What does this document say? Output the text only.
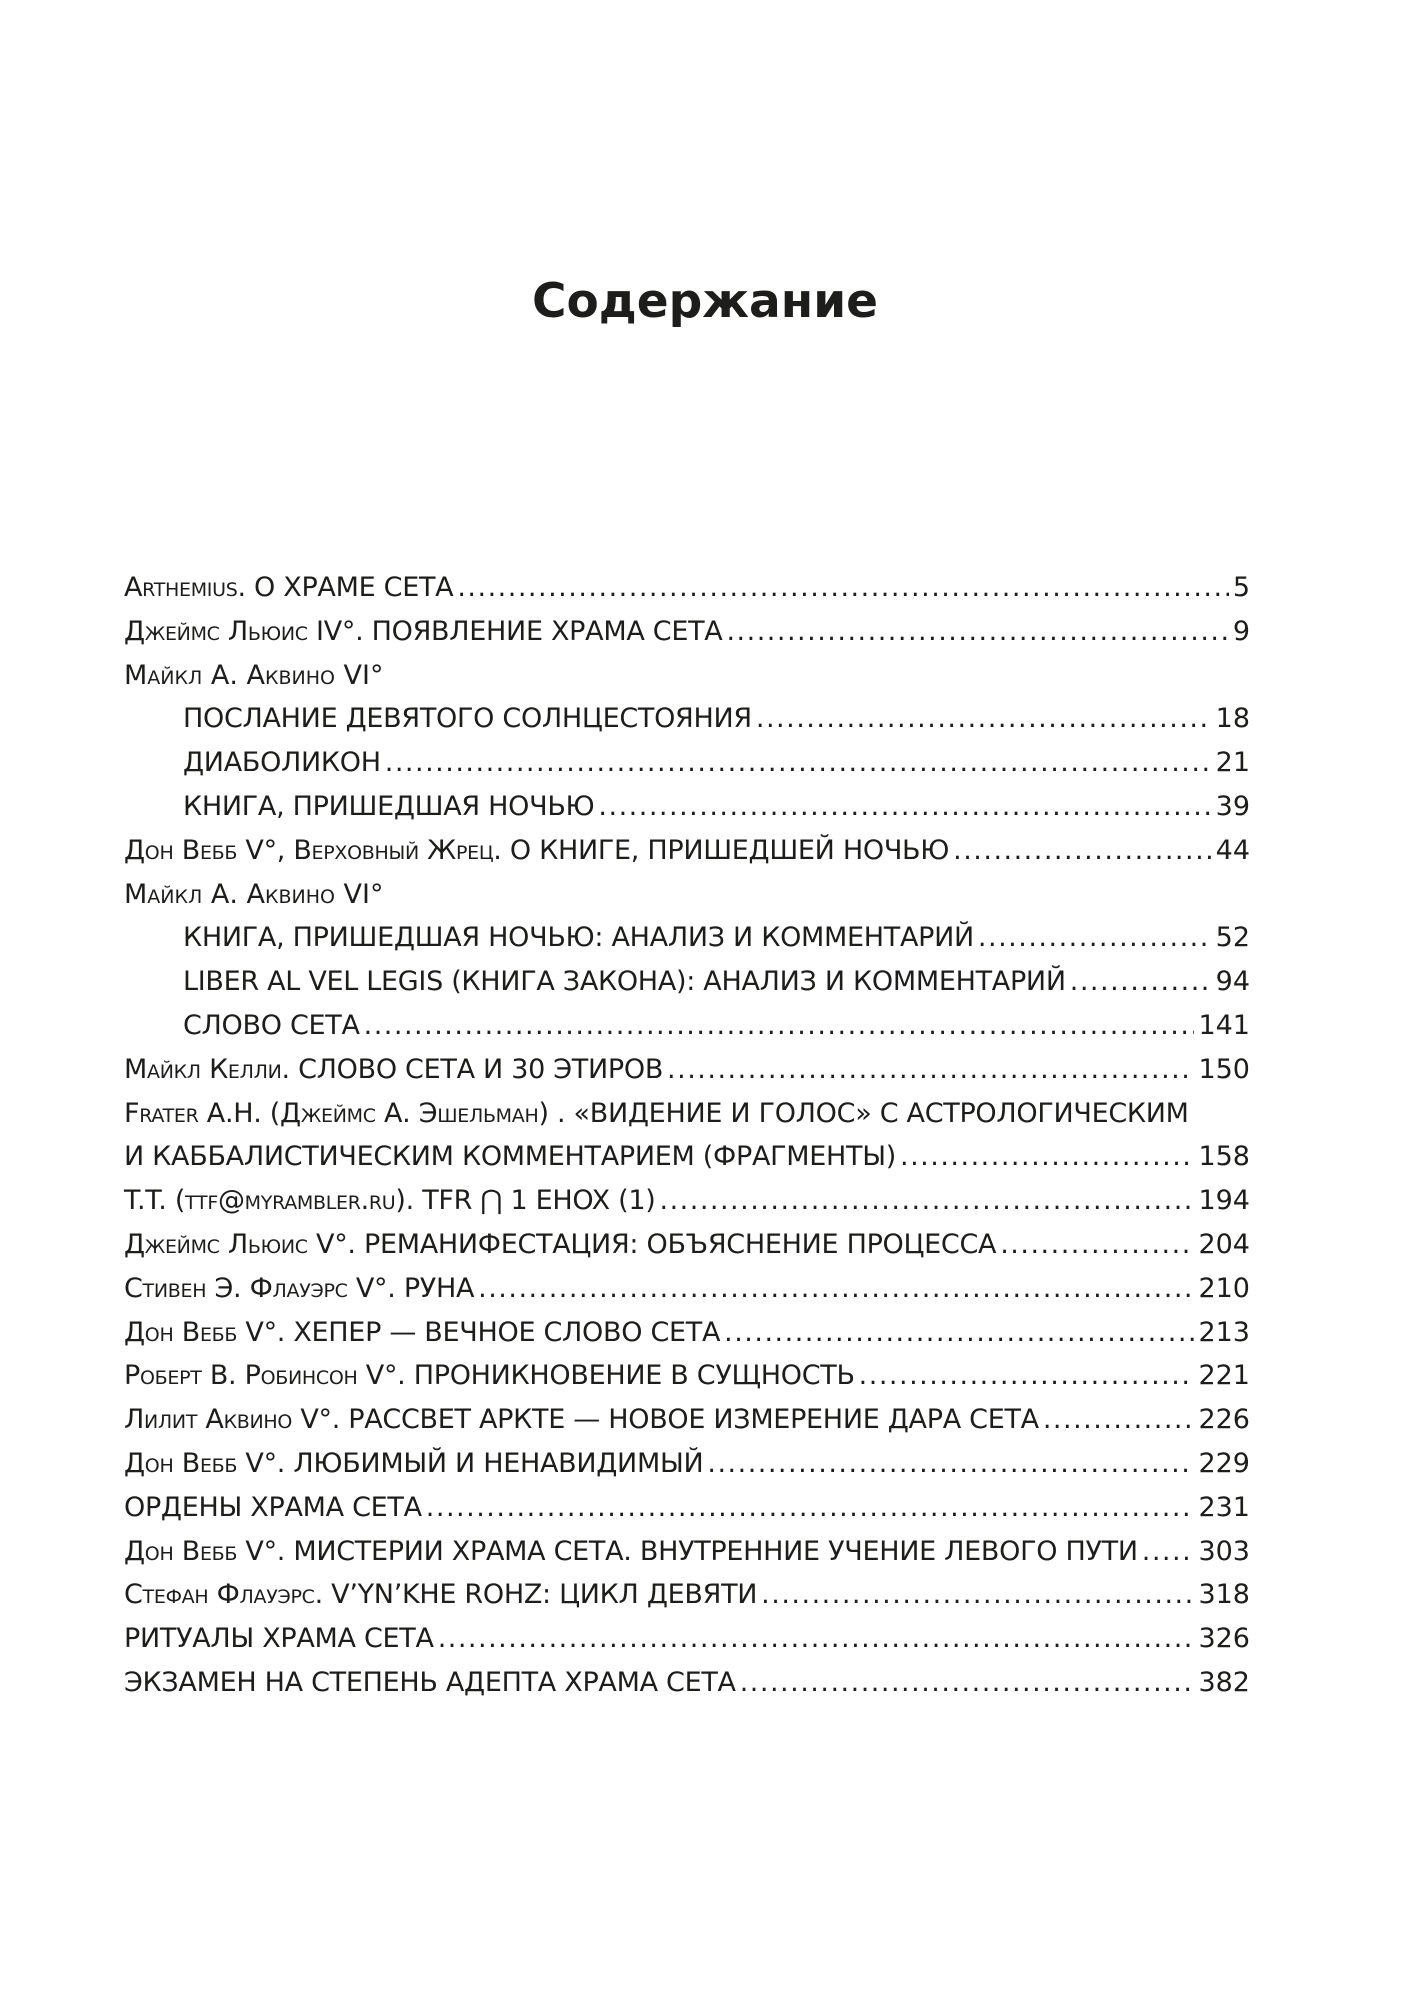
Содержание
Arthemius. О ХРАМЕ СЕТА .....	5
Джеймс Льюис IV°. ПОЯВЛЕНИЕ ХРАМА СЕТА .....	9
Майкл А. Аквино VI°
ПОСЛАНИЕ ДЕВЯТОГО СОЛНЦЕСТОЯНИЯ .....	18
ДИАБОЛИКОН .....	21
КНИГА, ПРИШЕДШАЯ НОЧЬЮ .....	39
Дон Вебб V°, Верховный Жрец. О КНИГЕ, ПРИШЕДШЕЙ НОЧЬЮ .....	44
Майкл А. Аквино VI°
КНИГА, ПРИШЕДШАЯ НОЧЬЮ: АНАЛИЗ И КОММЕНТАРИЙ .....	52
LIBER AL VEL LEGIS (КНИГА ЗАКОНА): АНАЛИЗ И КОММЕНТАРИЙ .....	94
СЛОВО СЕТА .....	141
Майкл Келли. СЛОВО СЕТА И 30 ЭТИРОВ .....	150
Frater А.Н. (Джеймс А. Эшельман) . «ВИДЕНИЕ И ГОЛОС» С АСТРОЛОГИЧЕСКИМ
И КАББАЛИСТИЧЕСКИМ КОММЕНТАРИЕМ (ФРАГМЕНТЫ) .....	158
T.T. (ttf@myrambler.ru). TFR ⋂ 1 EHOX (1) .....	194
Джеймс Льюис V°. РЕМАНИФЕСТАЦИЯ: ОБЪЯСНЕНИЕ ПРОЦЕССА .....	204
Стивен Э. Флауэрс V°. РУНА .....	210
Дон Вебб V°. ХЕПЕР — ВЕЧНОЕ СЛОВО СЕТА .....	213
Роберт В. Робинсон V°. ПРОНИКНОВЕНИЕ В СУЩНОСТЬ .....	221
Лилит Аквино V°. РАССВЕТ АРКТЕ — НОВОЕ ИЗМЕРЕНИЕ ДАРА СЕТА .....	226
Дон Вебб V°. ЛЮБИМЫЙ И НЕНАВИДИМЫЙ .....	229
ОРДЕНЫ ХРАМА СЕТА .....	231
Дон Вебб V°. МИСТЕРИИ ХРАМА СЕТА. ВНУТРЕННИЕ УЧЕНИЕ ЛЕВОГО ПУТИ ..... 303
Стефан Флауэрс. V’YN’KHE ROHZ: ЦИКЛ ДЕВЯТИ .....	318
РИТУАЛЫ ХРАМА СЕТА .....	326
ЭКЗАМЕН НА СТЕПЕНЬ АДЕПТА ХРАМА СЕТА .....	382
